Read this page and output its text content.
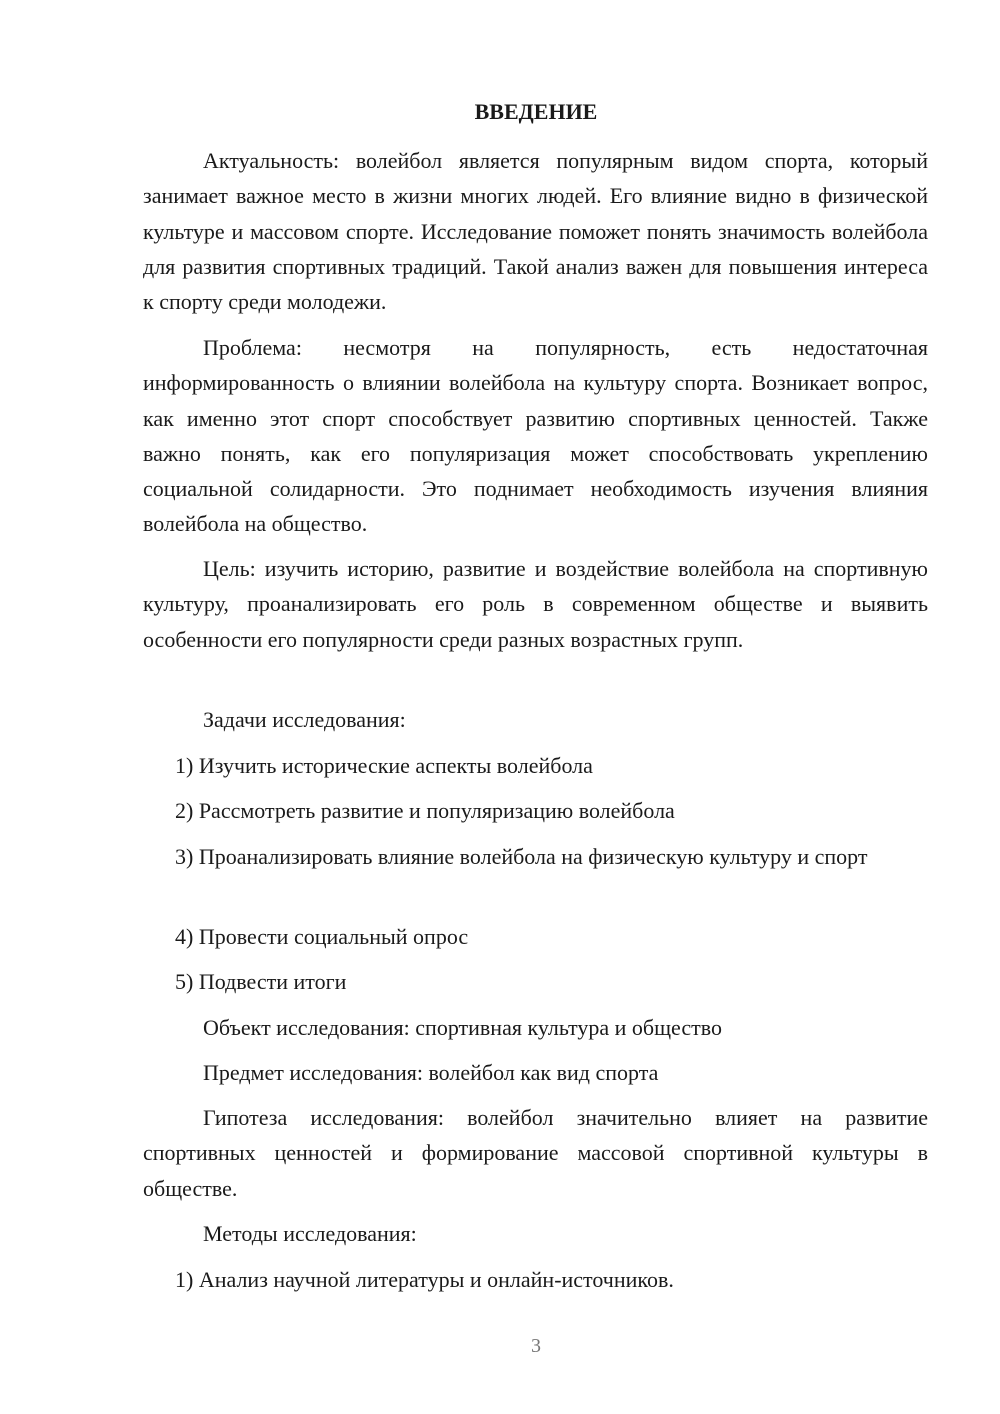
ВВЕДЕНИЕ

Актуальность: волейбол является популярным видом спорта, который занимает важное место в жизни многих людей. Его влияние видно в физической культуре и массовом спорте. Исследование поможет понять значимость волейбола для развития спортивных традиций. Такой анализ важен для повышения интереса к спорту среди молодежи.

Проблема: несмотря на популярность, есть недостаточная информированность о влиянии волейбола на культуру спорта. Возникает вопрос, как именно этот спорт способствует развитию спортивных ценностей. Также важно понять, как его популяризация может способствовать укреплению социальной солидарности. Это поднимает необходимость изучения влияния волейбола на общество.

Цель: изучить историю, развитие и воздействие волейбола на спортивную культуру, проанализировать его роль в современном обществе и выявить особенности его популярности среди разных возрастных групп.

Задачи исследования:

1) Изучить исторические аспекты волейбола

2) Рассмотреть развитие и популяризацию волейбола

3) Проанализировать влияние волейбола на физическую культуру и спорт

4) Провести социальный опрос

5) Подвести итоги

Объект исследования: спортивная культура и общество

Предмет исследования: волейбол как вид спорта

Гипотеза исследования: волейбол значительно влияет на развитие спортивных ценностей и формирование массовой спортивной культуры в обществе.

Методы исследования:

1) Анализ научной литературы и онлайн-источников.

3
